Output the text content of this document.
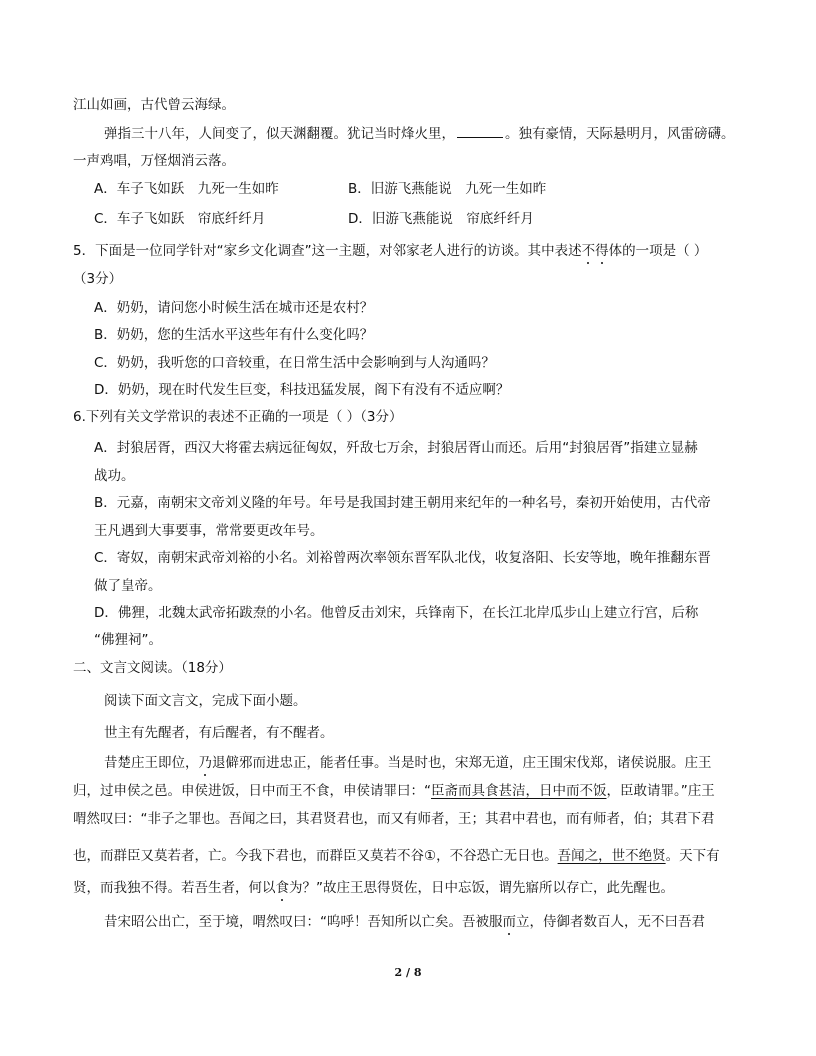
江山如画，古代曾云海绿。
弹指三十八年，人间变了，似天渊翻覆。犹记当时烽火里，	。独有豪情，天际悬明月，风雷磅礴。
一声鸡唱，万怪烟消云落。
A．车子飞如跃　九死一生如昨	B．旧游飞燕能说　九死一生如昨
C．车子飞如跃　帘底纤纤月	D．旧游飞燕能说　帘底纤纤月
5．下面是一位同学针对“家乡文化调查”这一主题，对邻家老人进行的访谈。其中表述不得体的一项是（ ）
（3分）
A．奶奶，请问您小时候生活在城市还是农村？
B．奶奶，您的生活水平这些年有什么变化吗？
C．奶奶，我听您的口音较重，在日常生活中会影响到与人沟通吗？
D．奶奶，现在时代发生巨变，科技迅猛发展，阁下有没有不适应啊？
6.下列有关文学常识的表述不正确的一项是（ ）（3分）
A．封狼居胥，西汉大将霍去病远征匈奴，歼敌七万余，封狼居胥山而还。后用“封狼居胥”指建立显赫
战功。
B．元嘉，南朝宋文帝刘义隆的年号。年号是我国封建王朝用来纪年的一种名号，秦初开始使用，古代帝
王凡遇到大事要事，常常要更改年号。
C．寄奴，南朝宋武帝刘裕的小名。刘裕曾两次率领东晋军队北伐，收复洛阳、长安等地，晚年推翻东晋
做了皇帝。
D．佛狸，北魏太武帝拓跋焘的小名。他曾反击刘宋，兵锋南下，在长江北岸瓜步山上建立行宫，后称
“佛狸祠”。
二、文言文阅读。（18分）
阅读下面文言文，完成下面小题。
世主有先醒者，有后醒者，有不醒者。
昔楚庄王即位，乃退僻邪而进忠正，能者任事。当是时也，宋郑无道，庄王围宋伐郑，诸侯说服。庄王
归，过申侯之邑。申侯进饭，日中而王不食，申侯请罪曰：“臣斋而具食甚洁，日中而不饭，臣敢请罪。”庄王
喟然叹曰：“非子之罪也。吾闻之曰，其君贤君也，而又有师者，王；其君中君也，而有师者，伯；其君下君
也，而群臣又莫若者，亡。今我下君也，而群臣又莫若不谷①，不谷恐亡无日也。吾闻之，世不绝贤。天下有
贤，而我独不得。若吾生者，何以食为？”故庄王思得贤佐，日中忘饭，谓先寤所以存亡，此先醒也。
昔宋昭公出亡，至于境，喟然叹曰：“呜呼！吾知所以亡矣。吾被服而立，侍御者数百人，无不曰吾君
2 / 8
